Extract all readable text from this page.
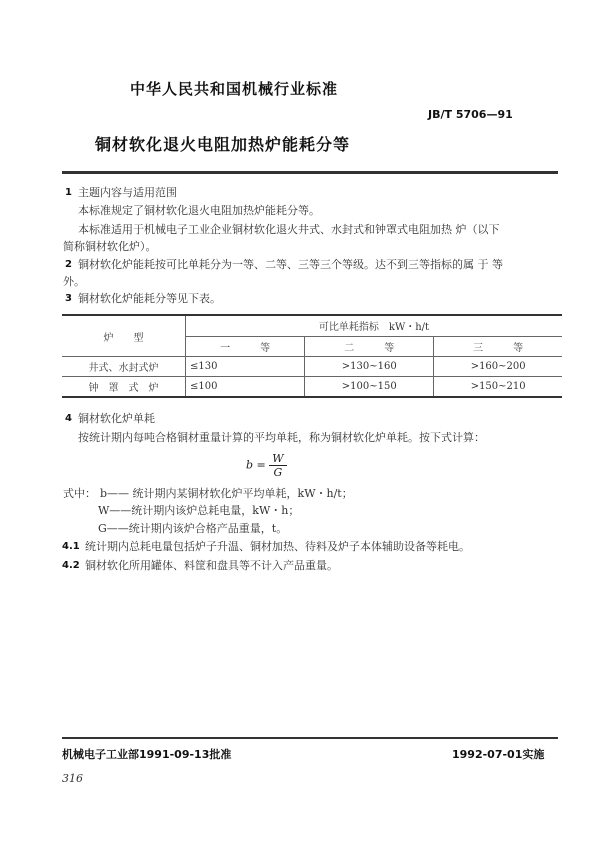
中华人民共和国机械行业标准
JB/T 5706—91
铜材软化退火电阻加热炉能耗分等
1 主题内容与适用范围
本标准规定了铜材软化退火电阻加热炉能耗分等。
本标准适用于机械电子工业企业铜材软化退火井式、水封式和钟罩式电阻加热 炉（以下
简称铜材软化炉）。
2 铜材软化炉能耗按可比单耗分为一等、二等、三等三个等级。达不到三等指标的属 于 等
外。
3 铜材软化炉能耗分等见下表。
炉　　型	可比单耗指标　kW・h/t		
	一　　　等	二　　　等	三　　　等
井式、水封式炉	≤130	>130~160	>160~200
钟　罩　式　炉	≤100	>100~150	>150~210
4 铜材软化炉单耗
按统计期内每吨合格铜材重量计算的平均单耗，称为铜材软化炉单耗。按下式计算：
$b = \frac{W}{G}$
式中： b—— 统计期内某铜材软化炉平均单耗，kW・h/t；
W——统计期内该炉总耗电量，kW・h；
G——统计期内该炉合格产品重量，t。
4.1 统计期内总耗电量包括炉子升温、铜材加热、待料及炉子本体辅助设备等耗电。
4.2 铜材软化所用罐体、料筐和盘具等不计入产品重量。
机械电子工业部1991-09-13批准	1992-07-01实施
316
